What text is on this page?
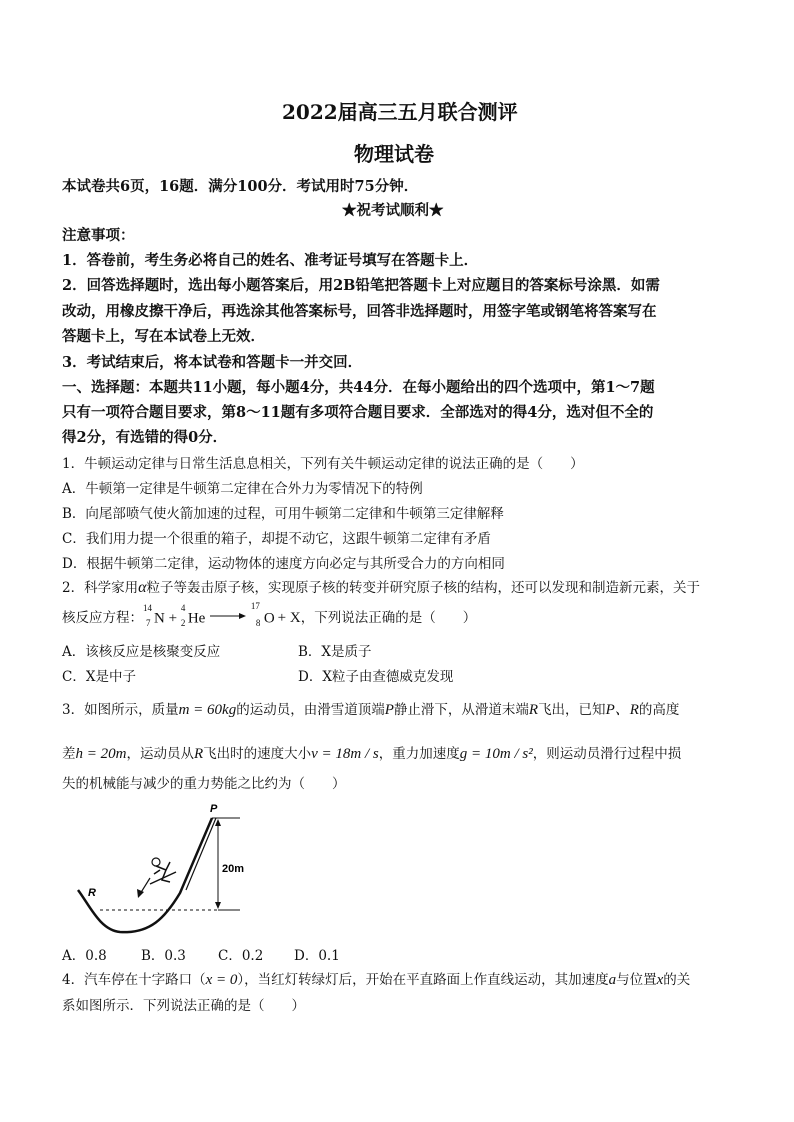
2022届高三五月联合测评
物理试卷
本试卷共6页，16题．满分100分．考试用时75分钟．
★祝考试顺利★
注意事项：
1．答卷前，考生务必将自己的姓名、准考证号填写在答题卡上．
2．回答选择题时，选出每小题答案后，用2B铅笔把答题卡上对应题目的答案标号涂黑．如需
改动，用橡皮擦干净后，再选涂其他答案标号，回答非选择题时，用签字笔或钢笔将答案写在
答题卡上，写在本试卷上无效．
3．考试结束后，将本试卷和答题卡一并交回．
一、选择题：本题共11小题，每小题4分，共44分．在每小题给出的四个选项中，第1～7题
只有一项符合题目要求，第8～11题有多项符合题目要求．全部选对的得4分，选对但不全的
得2分，有选错的得0分．
1．牛顿运动定律与日常生活息息相关，下列有关牛顿运动定律的说法正确的是（　　）
A．牛顿第一定律是牛顿第二定律在合外力为零情况下的特例
B．向尾部喷气使火箭加速的过程，可用牛顿第二定律和牛顿第三定律解释
C．我们用力提一个很重的箱子，却提不动它，这跟牛顿第二定律有矛盾
D．根据牛顿第二定律，运动物体的速度方向必定与其所受合力的方向相同
2．科学家用α粒子等轰击原子核，实现原子核的转变并研究原子核的结构，还可以发现和制造新元素，关于
核反应方程：
14
7 N +
4
2 He →
17
8 O + X，下列说法正确的是（　　）
A．该核反应是核聚变反应	B．X是质子
C．X是中子	D．X粒子由查德威克发现
3．如图所示，质量m = 60kg的运动员，由滑雪道顶端P静止滑下，从滑道末端R飞出，已知P、R的高度
差h = 20m，运动员从R飞出时的速度大小v = 18m / s，重力加速度g = 10m / s²，则运动员滑行过程中损
失的机械能与减少的重力势能之比约为（　　）
P
R
20m
A．0.8	B．0.3 C．0.2 D．0.1
4．汽车停在十字路口（x = 0），当红灯转绿灯后，开始在平直路面上作直线运动，其加速度a与位置x的关
系如图所示．下列说法正确的是（　　）
